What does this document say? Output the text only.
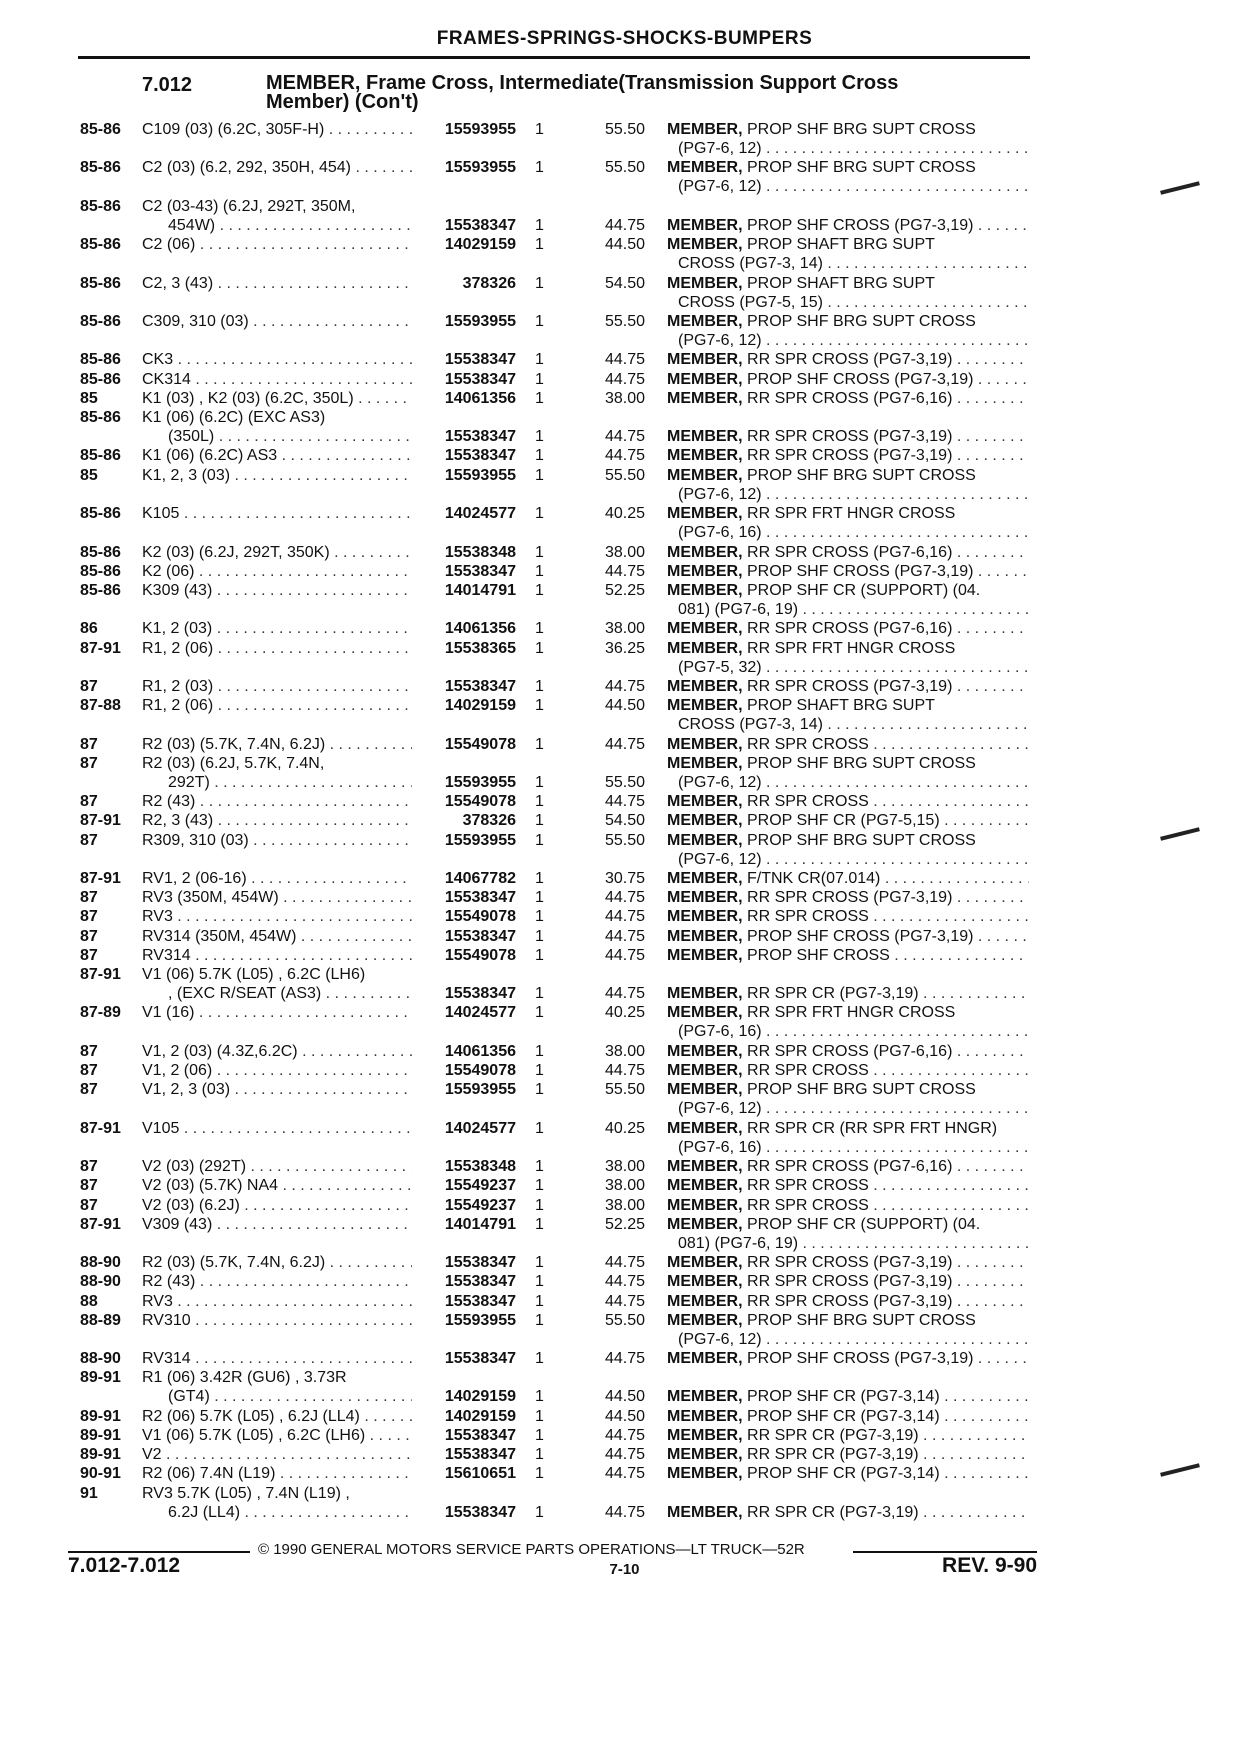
FRAMES-SPRINGS-SHOCKS-BUMPERS
7.012	MEMBER, Frame Cross, Intermediate(Transmission Support Cross
Member) (Con't)
85-86 C109 (03) (6.2C, 305F-H) . . .	15593955 1	55.50 MEMBER, PROP SHF BRG SUPT CROSS
(PG7-6, 12) . . .
85-86 C2 (03) (6.2, 292, 350H, 454) . . .	15593955 1	55.50 MEMBER, PROP SHF BRG SUPT CROSS
(PG7-6, 12) . . .
85-86 C2 (03-43) (6.2J, 292T, 350M,
454W) . . .	15538347 1	44.75 MEMBER, PROP SHF CROSS (PG7-3,19) . . .
85-86 C2 (06) . . .	14029159 1	44.50 MEMBER, PROP SHAFT BRG SUPT
CROSS (PG7-3, 14) . . .
85-86 C2, 3 (43) . . .	378326 1	54.50 MEMBER, PROP SHAFT BRG SUPT
CROSS (PG7-5, 15) . . .
85-86 C309, 310 (03) . . .	15593955 1	55.50 MEMBER, PROP SHF BRG SUPT CROSS
(PG7-6, 12) . . .
85-86 CK3 . . .	15538347 1	44.75 MEMBER, RR SPR CROSS (PG7-3,19) . . .
85-86 CK314 . . .	15538347 1	44.75 MEMBER, PROP SHF CROSS (PG7-3,19) . . .
85	K1 (03) , K2 (03) (6.2C, 350L) . . .	14061356 1	38.00 MEMBER, RR SPR CROSS (PG7-6,16) . . .
85-86 K1 (06) (6.2C) (EXC AS3)
(350L) . . .	15538347 1	44.75 MEMBER, RR SPR CROSS (PG7-3,19) . . .
85-86 K1 (06) (6.2C) AS3 . . .	15538347 1	44.75 MEMBER, RR SPR CROSS (PG7-3,19) . . .
85	K1, 2, 3 (03) . . .	15593955 1	55.50 MEMBER, PROP SHF BRG SUPT CROSS
(PG7-6, 12) . . .
85-86 K105 . . .	14024577 1	40.25 MEMBER, RR SPR FRT HNGR CROSS
(PG7-6, 16) . . .
85-86 K2 (03) (6.2J, 292T, 350K) . . .	15538348 1	38.00 MEMBER, RR SPR CROSS (PG7-6,16) . . .
85-86 K2 (06) . . .	15538347 1	44.75 MEMBER, PROP SHF CROSS (PG7-3,19) . . .
85-86 K309 (43) . . .	14014791 1	52.25 MEMBER, PROP SHF CR (SUPPORT) (04.
081) (PG7-6, 19) . . .
86	K1, 2 (03) . . .	14061356 1	38.00 MEMBER, RR SPR CROSS (PG7-6,16) . . .
87-91 R1, 2 (06) . . .	15538365 1	36.25 MEMBER, RR SPR FRT HNGR CROSS
(PG7-5, 32) . . .
87	R1, 2 (03) . . .	15538347 1	44.75 MEMBER, RR SPR CROSS (PG7-3,19) . . .
87-88 R1, 2 (06) . . .	14029159 1	44.50 MEMBER, PROP SHAFT BRG SUPT
CROSS (PG7-3, 14) . . .
87	R2 (03) (5.7K, 7.4N, 6.2J) . . .	15549078 1	44.75 MEMBER, RR SPR CROSS . . .
87	R2 (03) (6.2J, 5.7K, 7.4N,	MEMBER, PROP SHF BRG SUPT CROSS
292T) . . .	15593955 1	55.50 (PG7-6, 12) . . .
87	R2 (43) . . .	15549078 1	44.75 MEMBER, RR SPR CROSS . . .
87-91 R2, 3 (43) . . .	378326 1	54.50 MEMBER, PROP SHF CR (PG7-5,15) . . .
87	R309, 310 (03) . . .	15593955 1	55.50 MEMBER, PROP SHF BRG SUPT CROSS
(PG7-6, 12) . . .
87-91 RV1, 2 (06-16) . . .	14067782 1	30.75 MEMBER, F/TNK CR(07.014) . . .
87	RV3 (350M, 454W) . . .	15538347 1	44.75 MEMBER, RR SPR CROSS (PG7-3,19) . . .
87	RV3 . . .	15549078 1	44.75 MEMBER, RR SPR CROSS . . .
87	RV314 (350M, 454W) . . .	15538347 1	44.75 MEMBER, PROP SHF CROSS (PG7-3,19) . . .
87	RV314 . . .	15549078 1	44.75 MEMBER, PROP SHF CROSS . . .
87-91 V1 (06) 5.7K (L05) , 6.2C (LH6)
, (EXC R/SEAT (AS3) . . .	15538347 1	44.75 MEMBER, RR SPR CR (PG7-3,19) . . .
87-89 V1 (16) . . .	14024577 1	40.25 MEMBER, RR SPR FRT HNGR CROSS
(PG7-6, 16) . . .
87	V1, 2 (03) (4.3Z,6.2C) . . .	14061356 1	38.00 MEMBER, RR SPR CROSS (PG7-6,16) . . .
87	V1, 2 (06) . . .	15549078 1	44.75 MEMBER, RR SPR CROSS . . .
87	V1, 2, 3 (03) . . .	15593955 1	55.50 MEMBER, PROP SHF BRG SUPT CROSS
(PG7-6, 12) . . .
87-91 V105 . . .	14024577 1	40.25 MEMBER, RR SPR CR (RR SPR FRT HNGR)
(PG7-6, 16) . . .
87	V2 (03) (292T) . . .	15538348 1	38.00 MEMBER, RR SPR CROSS (PG7-6,16) . . .
87	V2 (03) (5.7K) NA4 . . .	15549237 1	38.00 MEMBER, RR SPR CROSS . . .
87	V2 (03) (6.2J) . . .	15549237 1	38.00 MEMBER, RR SPR CROSS . . .
87-91 V309 (43) . . .	14014791 1	52.25 MEMBER, PROP SHF CR (SUPPORT) (04.
081) (PG7-6, 19) . . .
88-90 R2 (03) (5.7K, 7.4N, 6.2J) . . .	15538347 1	44.75 MEMBER, RR SPR CROSS (PG7-3,19) . . .
88-90 R2 (43) . . .	15538347 1	44.75 MEMBER, RR SPR CROSS (PG7-3,19) . . .
88	RV3 . . .	15538347 1	44.75 MEMBER, RR SPR CROSS (PG7-3,19) . . .
88-89 RV310 . . .	15593955 1	55.50 MEMBER, PROP SHF BRG SUPT CROSS
(PG7-6, 12) . . .
88-90 RV314 . . .	15538347 1	44.75 MEMBER, PROP SHF CROSS (PG7-3,19) . . .
89-91 R1 (06) 3.42R (GU6) , 3.73R
(GT4) . . .	14029159 1	44.50 MEMBER, PROP SHF CR (PG7-3,14) . . .
89-91 R2 (06) 5.7K (L05) , 6.2J (LL4) . . .	14029159 1	44.50 MEMBER, PROP SHF CR (PG7-3,14) . . .
89-91 V1 (06) 5.7K (L05) , 6.2C (LH6) . . .	15538347 1	44.75 MEMBER, RR SPR CR (PG7-3,19) . . .
89-91 V2 . . .	15538347 1	44.75 MEMBER, RR SPR CR (PG7-3,19) . . .
90-91 R2 (06) 7.4N (L19) . . .	15610651 1	44.75 MEMBER, PROP SHF CR (PG7-3,14) . . .
91	RV3 5.7K (L05) , 7.4N (L19) ,
6.2J (LL4) . . .	15538347 1	44.75 MEMBER, RR SPR CR (PG7-3,19) . . .
© 1990 GENERAL MOTORS SERVICE PARTS OPERATIONS—LT TRUCK—52R
7.012-7.012	7-10	REV. 9-90
